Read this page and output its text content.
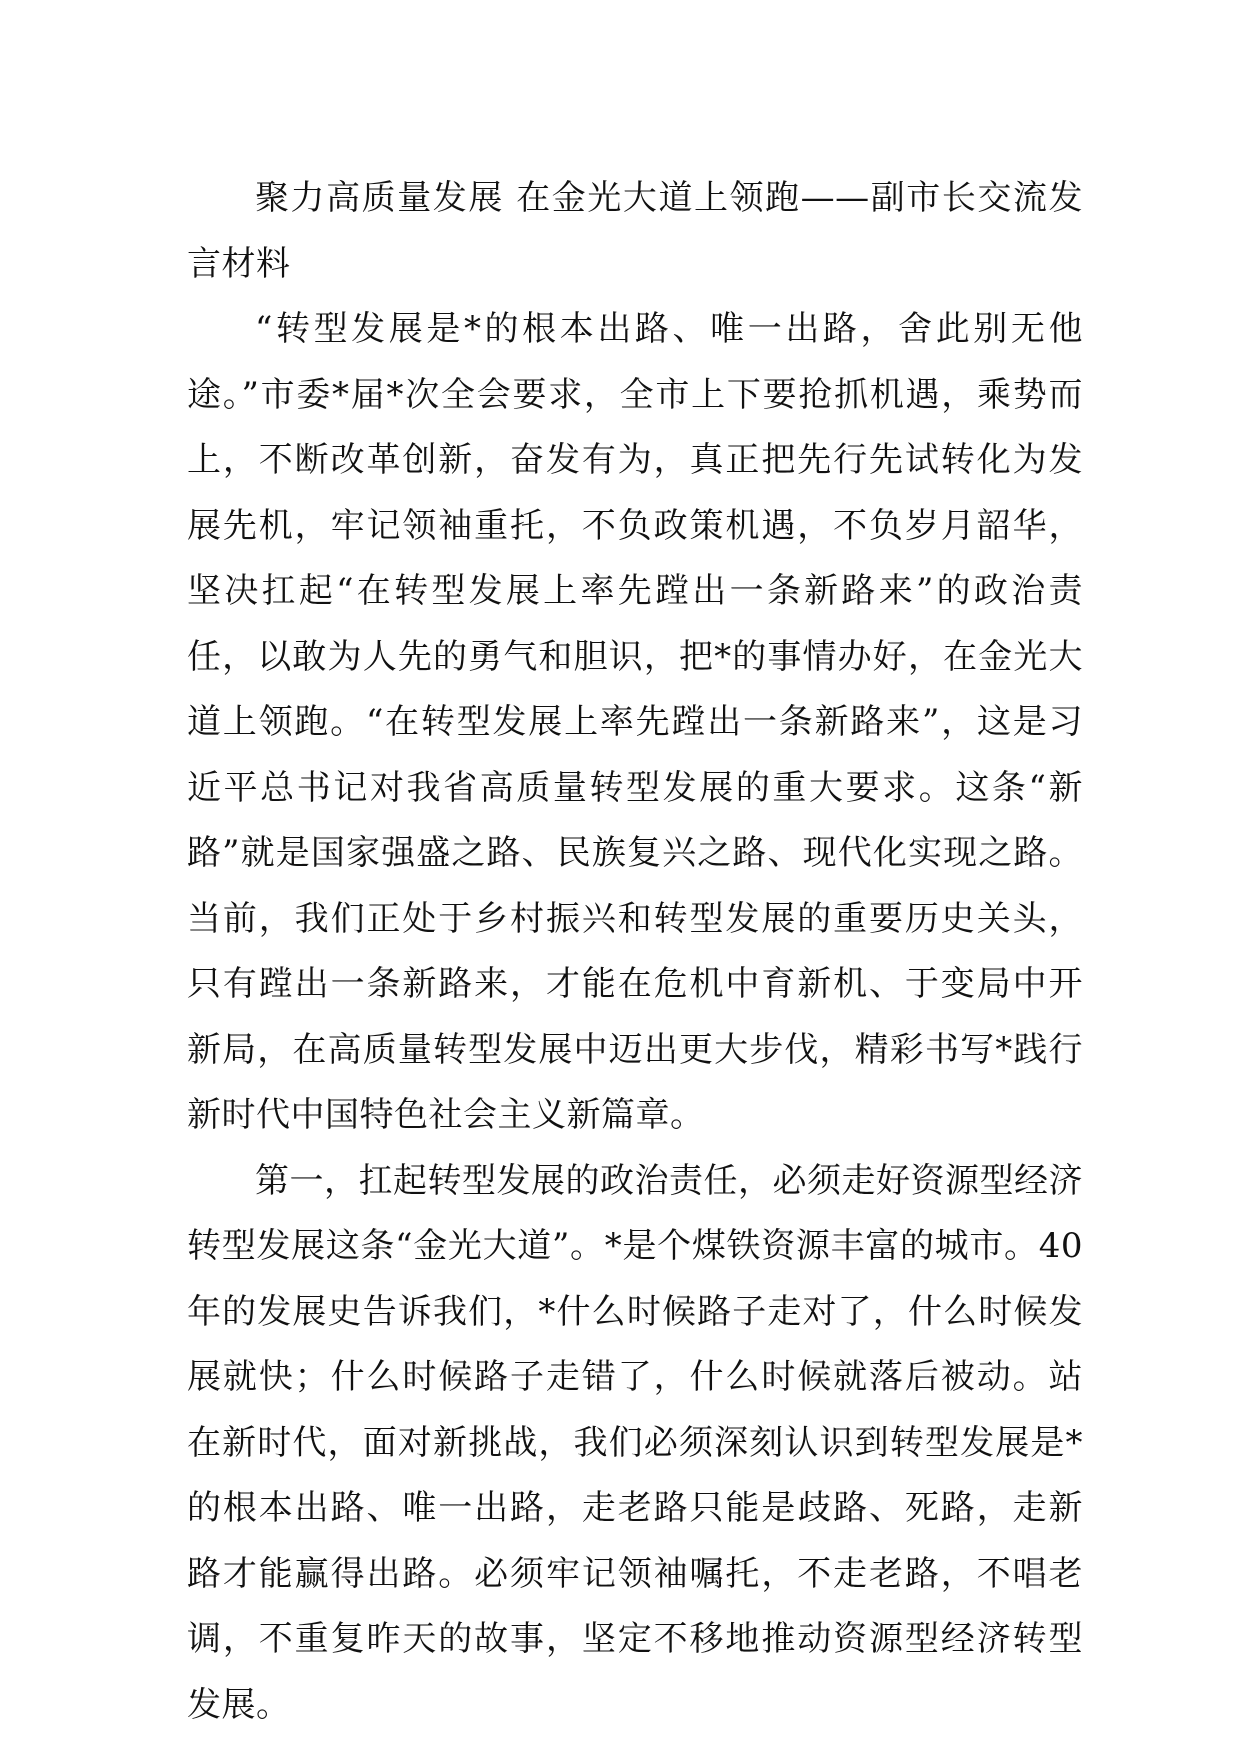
聚力高质量发展 在金光大道上领跑——副市长交流发言材料

“转型发展是*的根本出路、唯一出路，舍此别无他途。”市委*届*次全会要求，全市上下要抢抓机遇，乘势而上，不断改革创新，奋发有为，真正把先行先试转化为发展先机，牢记领袖重托，不负政策机遇，不负岁月韶华，坚决扛起“在转型发展上率先蹚出一条新路来”的政治责任，以敢为人先的勇气和胆识，把*的事情办好，在金光大道上领跑。“在转型发展上率先蹚出一条新路来”，这是习近平总书记对我省高质量转型发展的重大要求。这条“新路”就是国家强盛之路、民族复兴之路、现代化实现之路。当前，我们正处于乡村振兴和转型发展的重要历史关头，只有蹚出一条新路来，才能在危机中育新机、于变局中开新局，在高质量转型发展中迈出更大步伐，精彩书写*践行新时代中国特色社会主义新篇章。

第一，扛起转型发展的政治责任，必须走好资源型经济转型发展这条“金光大道”。*是个煤铁资源丰富的城市。40年的发展史告诉我们，*什么时候路子走对了，什么时候发展就快；什么时候路子走错了，什么时候就落后被动。站在新时代，面对新挑战，我们必须深刻认识到转型发展是*的根本出路、唯一出路，走老路只能是歧路、死路，走新路才能赢得出路。必须牢记领袖嘱托，不走老路，不唱老调，不重复昨天的故事，坚定不移地推动资源型经济转型发展。
